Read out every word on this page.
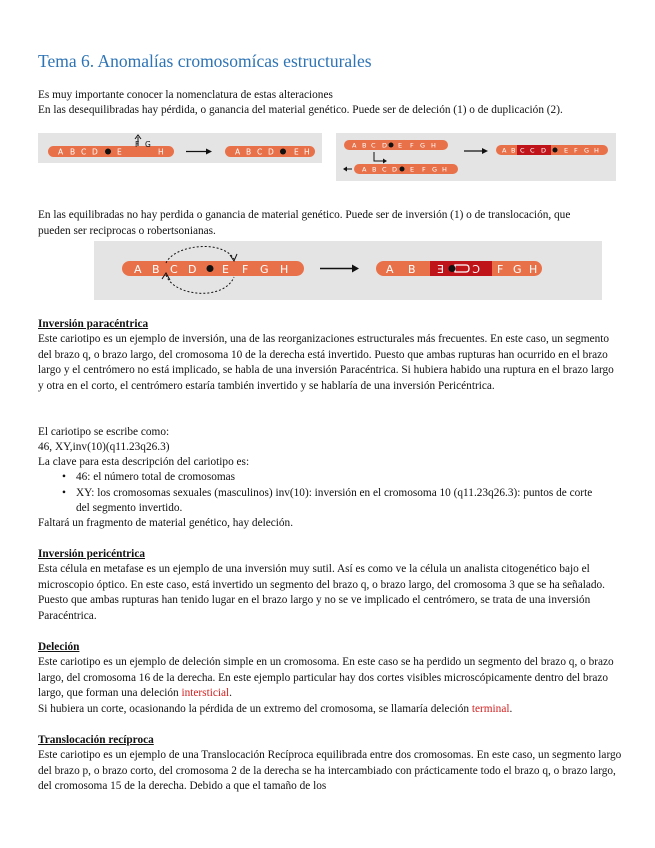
Tema 6. Anomalías cromosomícas estructurales
Es muy importante conocer la nomenclatura de estas alteraciones
En las desequilibradas hay pérdida, o ganancia del material genético. Puede ser de deleción (1) o de duplicación (2).
A B C D	E
F G
H	A B C D	E H
A B C D E F G H
A B C D E F G H
A B C C D	E F G H
En las equilibradas no hay perdida o ganancia de material genético. Puede ser de inversión (1) o de translocación, que pueden ser reciprocas o robertsonianas.
A B C D E F G H	A B E	C F G H
Inversión paracéntrica
Este cariotipo es un ejemplo de inversión, una de las reorganizaciones estructurales más frecuentes. En este caso, un segmento del brazo q, o brazo largo, del cromosoma 10 de la derecha está invertido. Puesto que ambas rupturas han ocurrido en el brazo largo y el centrómero no está implicado, se habla de una inversión Paracéntrica. Si hubiera habido una ruptura en el brazo largo y otra en el corto, el centrómero estaría también invertido y se hablaría de una inversión Pericéntrica.
El cariotipo se escribe como:
46, XY,inv(10)(q11.23q26.3)
La clave para esta descripción del cariotipo es:
• 46: el número total de cromosomas
• XY: los cromosomas sexuales (masculinos) inv(10): inversión en el cromosoma 10 (q11.23q26.3): puntos de corte del segmento invertido.
Faltará un fragmento de material genético, hay deleción.
Inversión pericéntrica
Esta célula en metafase es un ejemplo de una inversión muy sutil. Así es como ve la célula un analista citogenético bajo el microscopio óptico. En este caso, está invertido un segmento del brazo q, o brazo largo, del cromosoma 3 que se ha señalado. Puesto que ambas rupturas han tenido lugar en el brazo largo y no se ve implicado el centrómero, se trata de una inversión Paracéntrica.
Deleción
Este cariotipo es un ejemplo de deleción simple en un cromosoma. En este caso se ha perdido un segmento del brazo q, o brazo largo, del cromosoma 16 de la derecha. En este ejemplo particular hay dos cortes visibles microscópicamente dentro del brazo largo, que forman una deleción intersticial.
Si hubiera un corte, ocasionando la pérdida de un extremo del cromosoma, se llamaría deleción terminal.
Translocación recíproca
Este cariotipo es un ejemplo de una Translocación Recíproca equilibrada entre dos cromosomas. En este caso, un segmento largo del brazo p, o brazo corto, del cromosoma 2 de la derecha se ha intercambiado con prácticamente todo el brazo q, o brazo largo, del cromosoma 15 de la derecha. Debido a que el tamaño de los
